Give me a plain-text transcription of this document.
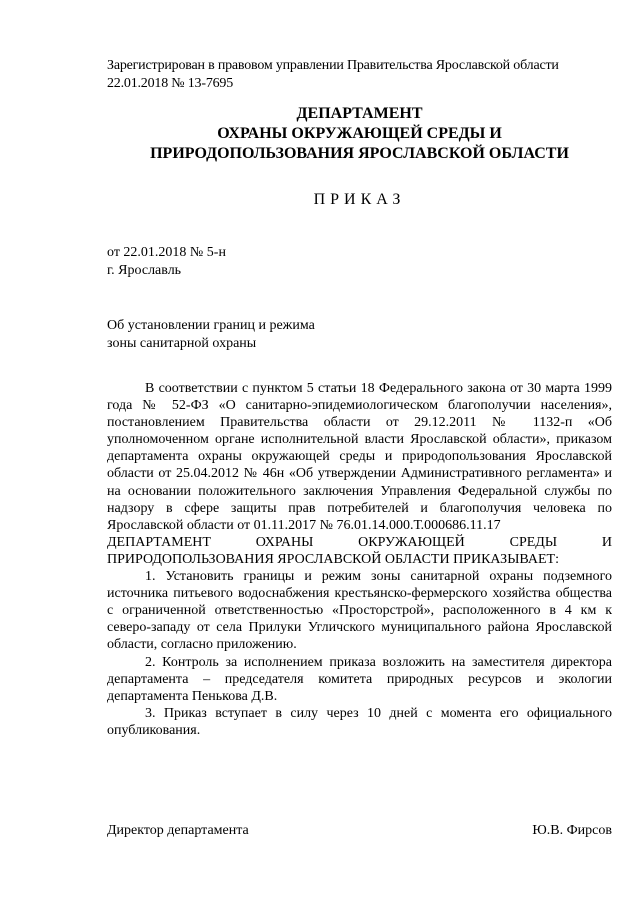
Зарегистрирован в правовом управлении Правительства Ярославской области
22.01.2018 № 13-7695
ДЕПАРТАМЕНТ
ОХРАНЫ ОКРУЖАЮЩЕЙ СРЕДЫ И
ПРИРОДОПОЛЬЗОВАНИЯ ЯРОСЛАВСКОЙ ОБЛАСТИ
ПРИКАЗ
от 22.01.2018 № 5-н
г. Ярославль
Об установлении границ и режима
зоны санитарной охраны

В соответствии с пунктом 5 статьи 18 Федерального закона от 30 марта 1999 года № 52-ФЗ «О санитарно-эпидемиологическом благополучии населения», постановлением Правительства области от 29.12.2011 № 1132-п «Об уполномоченном органе исполнительной власти Ярославской области», приказом департамента охраны окружающей среды и природопользования Ярославской области от 25.04.2012 № 46н «Об утверждении Административного регламента» и на основании положительного заключения Управления Федеральной службы по надзору в сфере защиты прав потребителей и благополучия человека по Ярославской области от 01.11.2017 № 76.01.14.000.Т.000686.11.17

ДЕПАРТАМЕНТ ОХРАНЫ ОКРУЖАЮЩЕЙ СРЕДЫ И ПРИРОДОПОЛЬЗОВАНИЯ ЯРОСЛАВСКОЙ ОБЛАСТИ ПРИКАЗЫВАЕТ:

1. Установить границы и режим зоны санитарной охраны подземного источника питьевого водоснабжения крестьянско-фермерского хозяйства общества с ограниченной ответственностью «Просторстрой», расположенного в 4 км к северо-западу от села Прилуки Угличского муниципального района Ярославской области, согласно приложению.

2. Контроль за исполнением приказа возложить на заместителя директора департамента – председателя комитета природных ресурсов и экологии департамента Пенькова Д.В.

3. Приказ вступает в силу через 10 дней с момента его официального опубликования.

Директор департамента	Ю.В. Фирсов
